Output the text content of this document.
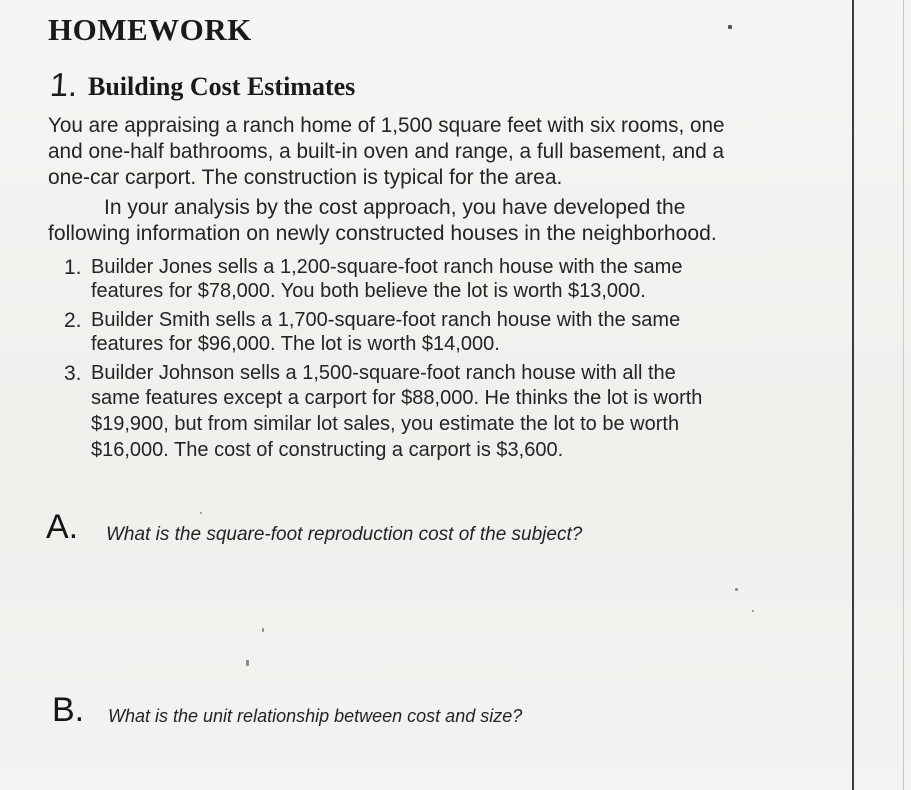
HOMEWORK
1. Building Cost Estimates
You are appraising a ranch home of 1,500 square feet with six rooms, one
and one-half bathrooms, a built-in oven and range, a full basement, and a
one-car carport. The construction is typical for the area.
In your analysis by the cost approach, you have developed the
following information on newly constructed houses in the neighborhood.
1. Builder Jones sells a 1,200-square-foot ranch house with the same
features for $78,000. You both believe the lot is worth $13,000.
2. Builder Smith sells a 1,700-square-foot ranch house with the same
features for $96,000. The lot is worth $14,000.
3. Builder Johnson sells a 1,500-square-foot ranch house with all the
same features except a carport for $88,000. He thinks the lot is worth
$19,900, but from similar lot sales, you estimate the lot to be worth
$16,000. The cost of constructing a carport is $3,600.
A. What is the square-foot reproduction cost of the subject?
B. What is the unit relationship between cost and size?
